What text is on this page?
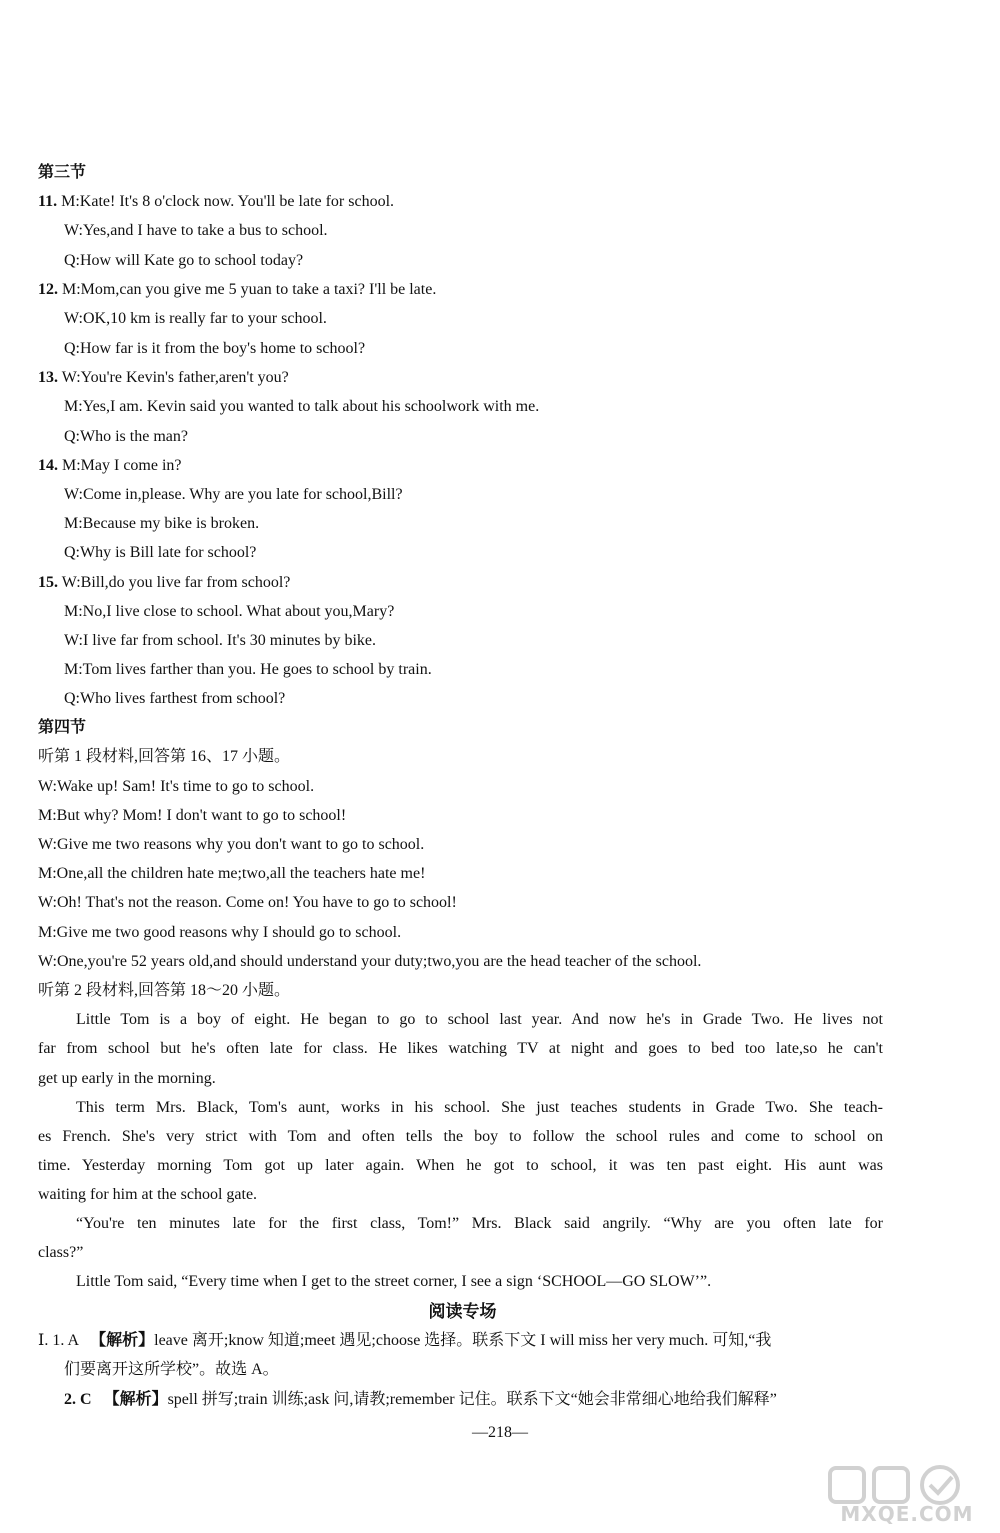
第三节
11. M:Kate! It's 8 o'clock now. You'll be late for school.
W:Yes,and I have to take a bus to school.
Q:How will Kate go to school today?
12. M:Mom,can you give me 5 yuan to take a taxi? I'll be late.
W:OK,10 km is really far to your school.
Q:How far is it from the boy's home to school?
13. W:You're Kevin's father,aren't you?
M:Yes,I am. Kevin said you wanted to talk about his schoolwork with me.
Q:Who is the man?
14. M:May I come in?
W:Come in,please. Why are you late for school,Bill?
M:Because my bike is broken.
Q:Why is Bill late for school?
15. W:Bill,do you live far from school?
M:No,I live close to school. What about you,Mary?
W:I live far from school. It's 30 minutes by bike.
M:Tom lives farther than you. He goes to school by train.
Q:Who lives farthest from school?
第四节
听第 1 段材料,回答第 16、17 小题。
W:Wake up! Sam! It's time to go to school.
M:But why? Mom! I don't want to go to school!
W:Give me two reasons why you don't want to go to school.
M:One,all the children hate me;two,all the teachers hate me!
W:Oh! That's not the reason. Come on! You have to go to school!
M:Give me two good reasons why I should go to school.
W:One,you're 52 years old,and should understand your duty;two,you are the head teacher of the school.
听第 2 段材料,回答第 18～20 小题。
Little Tom is a boy of eight. He began to go to school last year. And now he's in Grade Two. He lives not
far from school but he's often late for class. He likes watching TV at night and goes to bed too late,so he can't
get up early in the morning.
This term Mrs. Black, Tom's aunt, works in his school. She just teaches students in Grade Two. She teach-
es French. She's very strict with Tom and often tells the boy to follow the school rules and come to school on
time. Yesterday morning Tom got up later again. When he got to school, it was ten past eight. His aunt was
waiting for him at the school gate.
“You're ten minutes late for the first class, Tom!” Mrs. Black said angrily. “Why are you often late for
class?”
Little Tom said, “Every time when I get to the street corner, I see a sign ‘SCHOOL—GO SLOW’”.
阅读专场
Ⅰ. 1. A 【解析】leave 离开;know 知道;meet 遇见;choose 选择。联系下文 I will miss her very much. 可知,“我
们要离开这所学校”。故选 A。
2. C 【解析】spell 拼写;train 训练;ask 问,请教;remember 记住。联系下文“她会非常细心地给我们解释”
—218—
MXQE.COM
